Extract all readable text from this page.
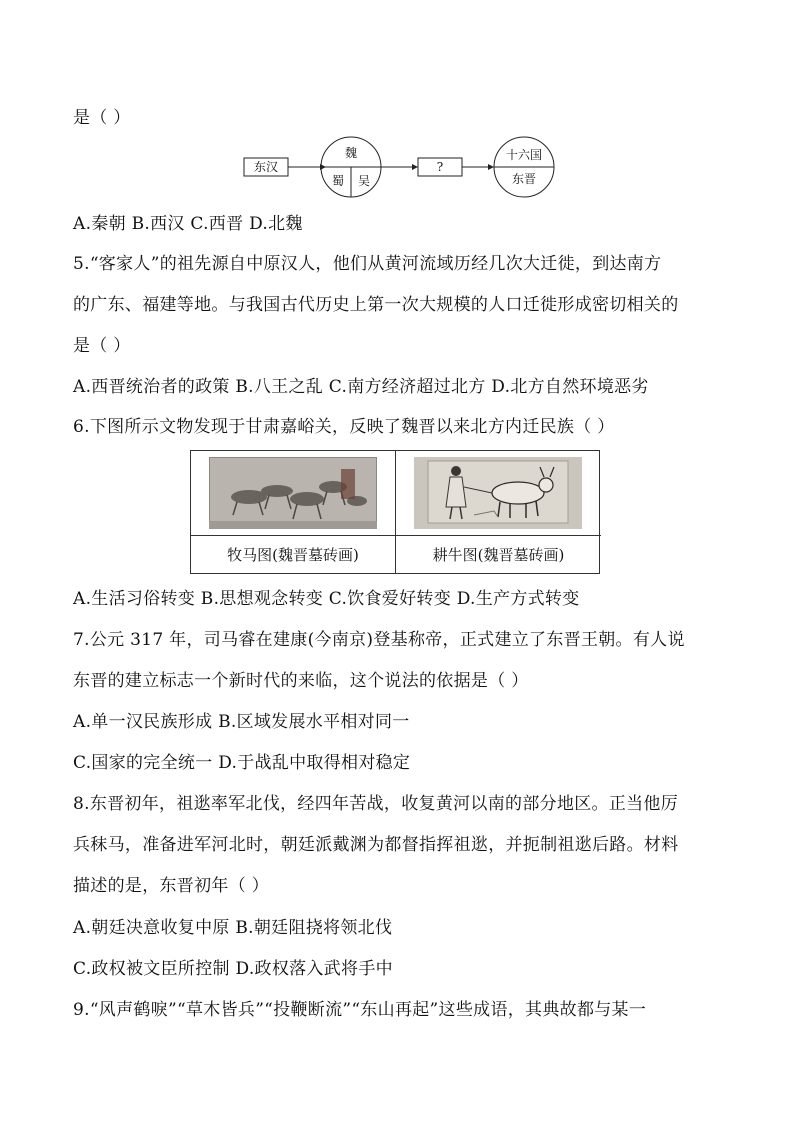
是（ ）
东汉
魏
蜀	吴
?
十六国
东晋
A.秦朝 B.西汉 C.西晋 D.北魏
5.“客家人”的祖先源自中原汉人，他们从黄河流域历经几次大迁徙，到达南方
的广东、福建等地。与我国古代历史上第一次大规模的人口迁徙形成密切相关的
是（ ）
A.西晋统治者的政策 B.八王之乱 C.南方经济超过北方 D.北方自然环境恶劣
6.下图所示文物发现于甘肃嘉峪关，反映了魏晋以来北方内迁民族（ ）
牧马图(魏晋墓砖画)	耕牛图(魏晋墓砖画)
A.生活习俗转变 B.思想观念转变 C.饮食爱好转变 D.生产方式转变
7.公元 317 年，司马睿在建康(今南京)登基称帝，正式建立了东晋王朝。有人说
东晋的建立标志一个新时代的来临，这个说法的依据是（ ）
A.单一汉民族形成 B.区域发展水平相对同一
C.国家的完全统一 D.于战乱中取得相对稳定
8.东晋初年，祖逖率军北伐，经四年苦战，收复黄河以南的部分地区。正当他厉
兵秣马，准备进军河北时，朝廷派戴渊为都督指挥祖逖，并扼制祖逖后路。材料
描述的是，东晋初年（ ）
A.朝廷决意收复中原 B.朝廷阻挠将领北伐
C.政权被文臣所控制 D.政权落入武将手中
9.“风声鹤唳”“草木皆兵”“投鞭断流”“东山再起”这些成语，其典故都与某一
